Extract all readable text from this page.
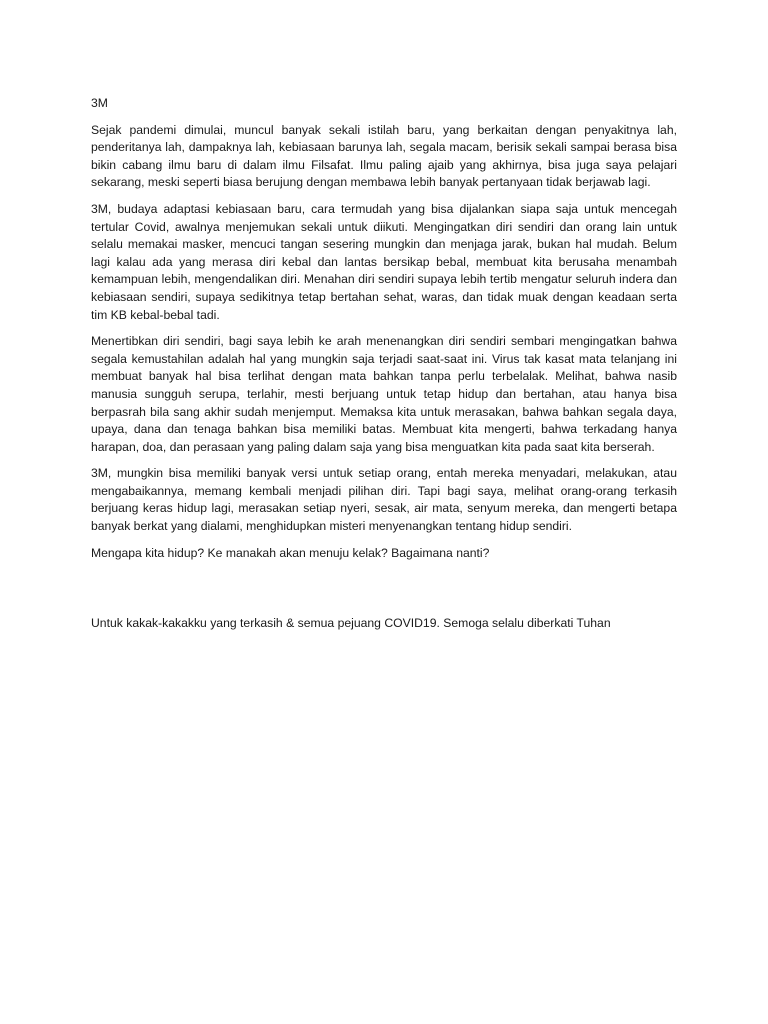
3M

Sejak pandemi dimulai, muncul banyak sekali istilah baru, yang berkaitan dengan penyakitnya lah, penderitanya lah, dampaknya lah, kebiasaan barunya lah, segala macam, berisik sekali sampai berasa bisa bikin cabang ilmu baru di dalam ilmu Filsafat. Ilmu paling ajaib yang akhirnya, bisa juga saya pelajari sekarang, meski seperti biasa berujung dengan membawa lebih banyak pertanyaan tidak berjawab lagi.

3M, budaya adaptasi kebiasaan baru, cara termudah yang bisa dijalankan siapa saja untuk mencegah tertular Covid, awalnya menjemukan sekali untuk diikuti. Mengingatkan diri sendiri dan orang lain untuk selalu memakai masker, mencuci tangan sesering mungkin dan menjaga jarak, bukan hal mudah. Belum lagi kalau ada yang merasa diri kebal dan lantas bersikap bebal, membuat kita berusaha menambah kemampuan lebih, mengendalikan diri. Menahan diri sendiri supaya lebih tertib mengatur seluruh indera dan kebiasaan sendiri, supaya sedikitnya tetap bertahan sehat, waras, dan tidak muak dengan keadaan serta tim KB kebal-bebal tadi.

Menertibkan diri sendiri, bagi saya lebih ke arah menenangkan diri sendiri sembari mengingatkan bahwa segala kemustahilan adalah hal yang mungkin saja terjadi saat-saat ini. Virus tak kasat mata telanjang ini membuat banyak hal bisa terlihat dengan mata bahkan tanpa perlu terbelalak. Melihat, bahwa nasib manusia sungguh serupa, terlahir, mesti berjuang untuk tetap hidup dan bertahan, atau hanya bisa berpasrah bila sang akhir sudah menjemput. Memaksa kita untuk merasakan, bahwa bahkan segala daya, upaya, dana dan tenaga bahkan bisa memiliki batas. Membuat kita mengerti, bahwa terkadang hanya harapan, doa, dan perasaan yang paling dalam saja yang bisa menguatkan kita pada saat kita berserah.

3M, mungkin bisa memiliki banyak versi untuk setiap orang, entah mereka menyadari, melakukan, atau mengabaikannya, memang kembali menjadi pilihan diri. Tapi bagi saya, melihat orang-orang terkasih berjuang keras hidup lagi, merasakan setiap nyeri, sesak, air mata, senyum mereka, dan mengerti betapa banyak berkat yang dialami, menghidupkan misteri menyenangkan tentang hidup sendiri.

Mengapa kita hidup? Ke manakah akan menuju kelak? Bagaimana nanti?

Untuk kakak-kakakku yang terkasih & semua pejuang COVID19. Semoga selalu diberkati Tuhan
